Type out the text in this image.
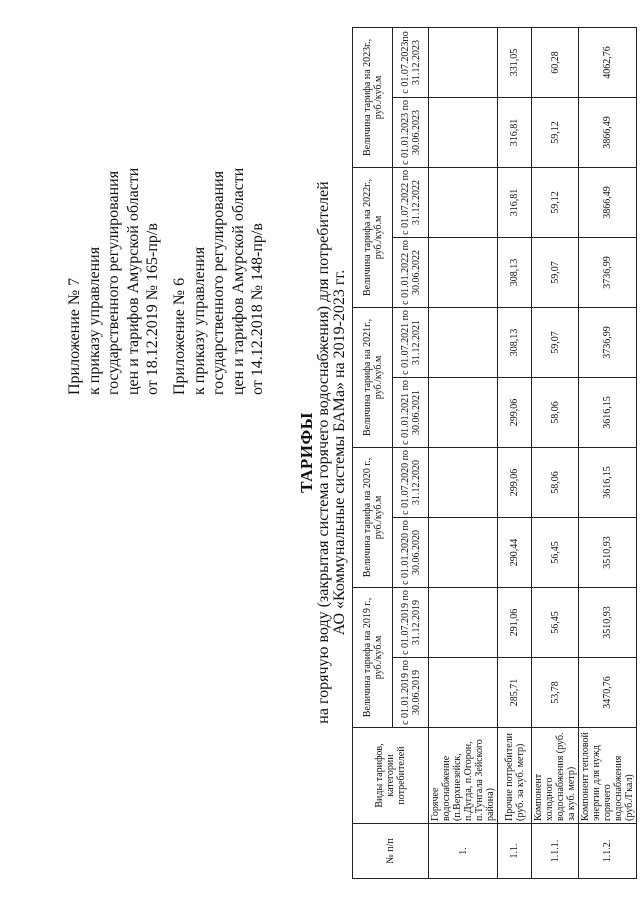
Приложение № 7 к приказу управления государственного регулирования цен и тарифов Амурской области от 18.12.2019 № 165-пр/в Приложение № 6 к приказу управления государственного регулирования цен и тарифов Амурской области от 14.12.2018 № 148-пр/в
ТАРИФЫ на горячую воду (закрытая система горячего водоснабжения) для потребителей АО «Коммунальные системы БАМа» на 2019-2023 гг.
№ п/п	Виды тарифов, категории потребителей	Величина тарифа на 2019 г., руб./куб.м		Величина тарифа на 2020 г., руб./куб.м		Величина тарифа на 2021г., руб./куб.м		Величина тарифа на 2022г., руб./куб.м		Величина тарифа на 2023г., руб./куб.м	
		с 01.01.2019 по 30.06.2019	с 01.07.2019 по 31.12.2019	с 01.01.2020 по 30.06.2020	с 01.07.2020 по 31.12.2020	с 01.01.2021 по 30.06.2021	с 01.07.2021 по 31.12.2021	с 01.01.2022 по 30.06.2022	с 01.07.2022 по 31.12.2022	с 01.01.2023 по 30.06.2023	с 01.07.2023по 31.12.2023
1.	Горячее водоснабжение (п.Верхнезейск, п.Дугда, п.Огорон, п.Тунгала Зейского района)										
1.1.	Прочие потребители (руб. за куб. метр)	285,71	291,06	290,44	299,06	299,06	308,13	308,13	316,81	316,81	331,05
1.1.1.	Компонент холодного водоснабжения (руб. за куб. метр)	53,78	56,45	56,45	58,06	58,06	59,07	59,07	59,12	59,12	60,28
1.1.2.	Компонент тепловой энергии для нужд горячего водоснабжения (руб./Гкал)	3470,76	3510,93	3510,93	3616,15	3616,15	3736,99	3736,99	3866,49	3866,49	4062,76
